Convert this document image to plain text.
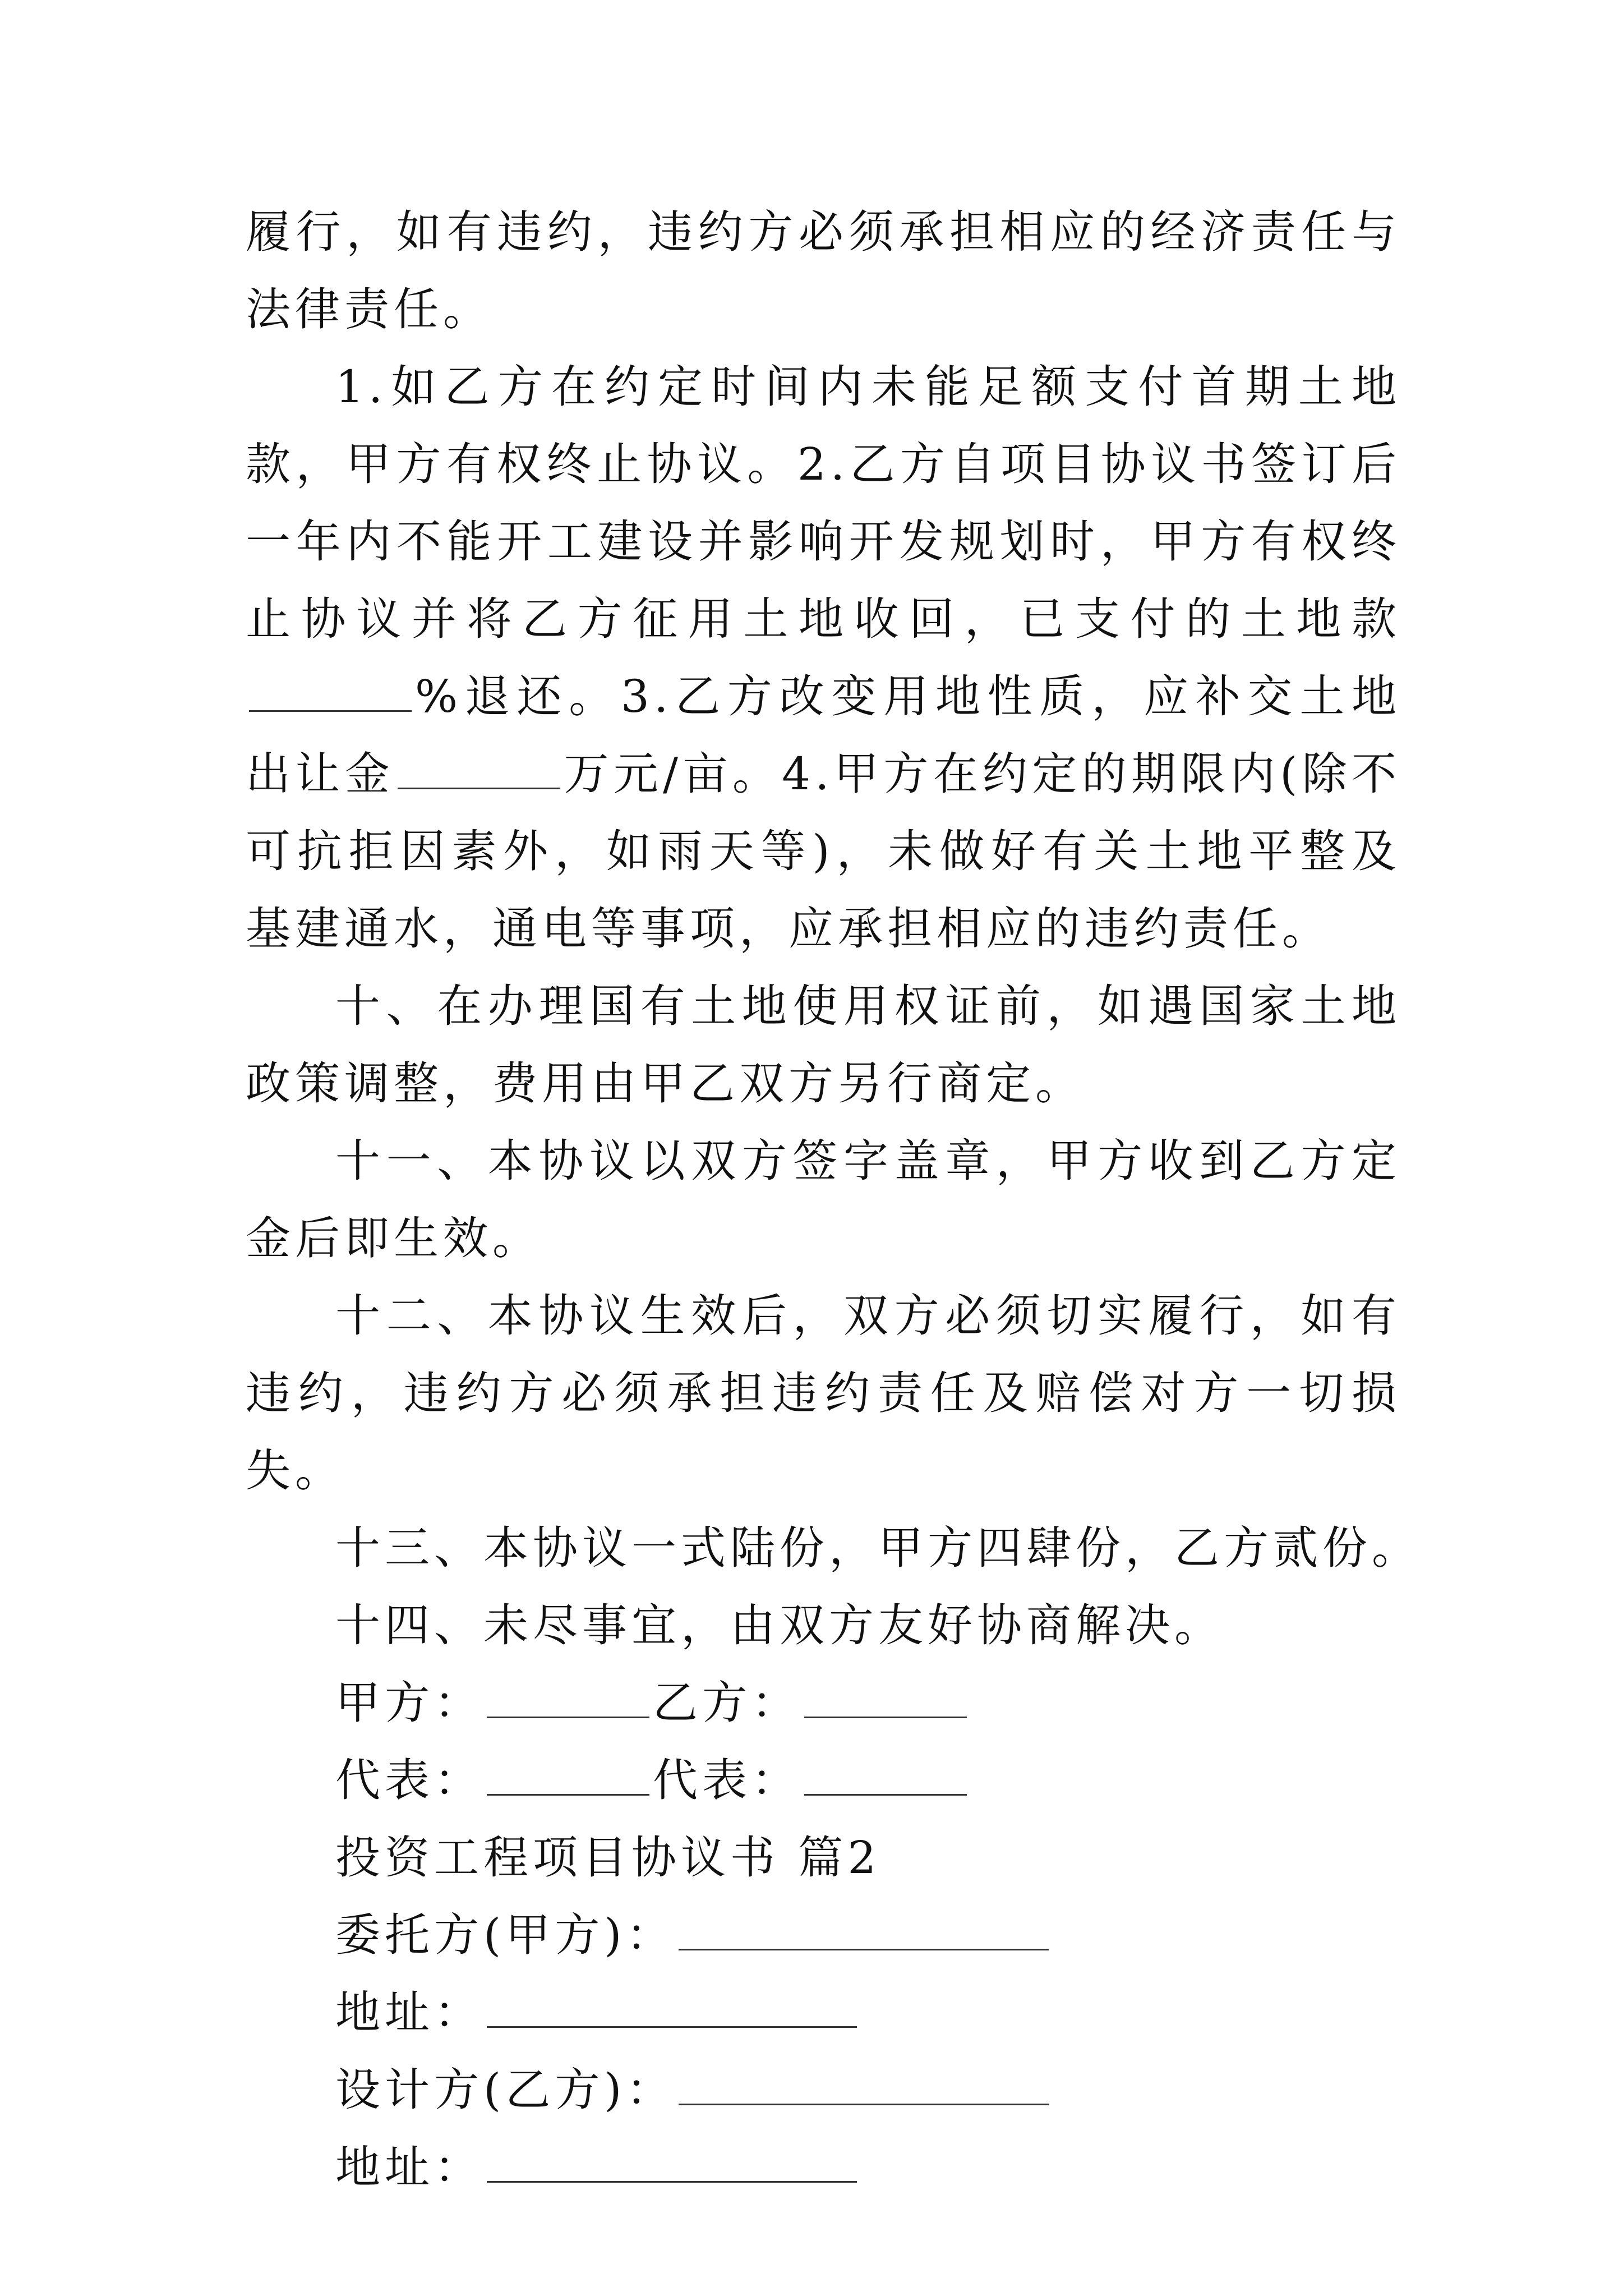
履行，如有违约，违约方必须承担相应的经济责任与法律责任。

1.如乙方在约定时间内未能足额支付首期土地款，甲方有权终止协议。2.乙方自项目协议书签订后一年内不能开工建设并影响开发规划时，甲方有权终止协议并将乙方征用土地收回，已支付的土地款%退还。3.乙方改变用地性质，应补交土地出让金	万元/亩。4.甲方在约定的期限内(除不可抗拒因素外，如雨天等)，未做好有关土地平整及基建通水，通电等事项，应承担相应的违约责任。

十、在办理国有土地使用权证前，如遇国家土地政策调整，费用由甲乙双方另行商定。

十一、本协议以双方签字盖章，甲方收到乙方定金后即生效。

十二、本协议生效后，双方必须切实履行，如有违约，违约方必须承担违约责任及赔偿对方一切损失。

十三、本协议一式陆份，甲方四肆份，乙方贰份。

十四、未尽事宜，由双方友好协商解决。

甲方：	乙方：

代表：	代表：

投资工程项目协议书 篇2

委托方(甲方)：

地址：

设计方(乙方)：

地址：
